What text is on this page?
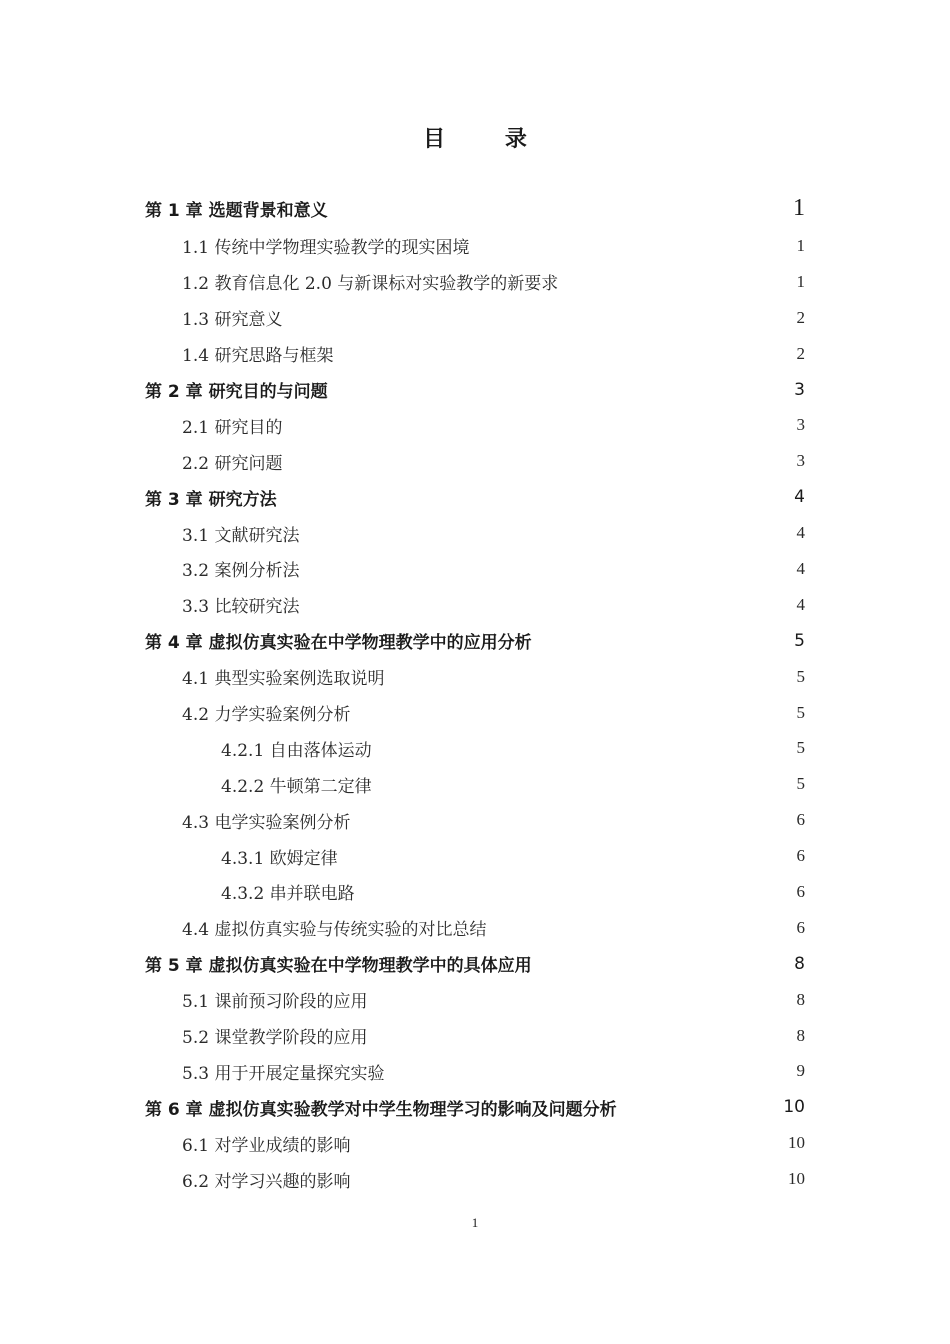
目 录
第 1 章 选题背景和意义	1
1.1 传统中学物理实验教学的现实困境	1
1.2 教育信息化 2.0 与新课标对实验教学的新要求	1
1.3 研究意义	2
1.4 研究思路与框架	2
第 2 章 研究目的与问题	3
2.1 研究目的	3
2.2 研究问题	3
第 3 章 研究方法	4
3.1 文献研究法	4
3.2 案例分析法	4
3.3 比较研究法	4
第 4 章 虚拟仿真实验在中学物理教学中的应用分析	5
4.1 典型实验案例选取说明	5
4.2 力学实验案例分析	5
4.2.1 自由落体运动	5
4.2.2 牛顿第二定律	5
4.3 电学实验案例分析	6
4.3.1 欧姆定律	6
4.3.2 串并联电路	6
4.4 虚拟仿真实验与传统实验的对比总结	6
第 5 章 虚拟仿真实验在中学物理教学中的具体应用	8
5.1 课前预习阶段的应用	8
5.2 课堂教学阶段的应用	8
5.3 用于开展定量探究实验	9
第 6 章 虚拟仿真实验教学对中学生物理学习的影响及问题分析	10
6.1 对学业成绩的影响	10
6.2 对学习兴趣的影响	10
1
